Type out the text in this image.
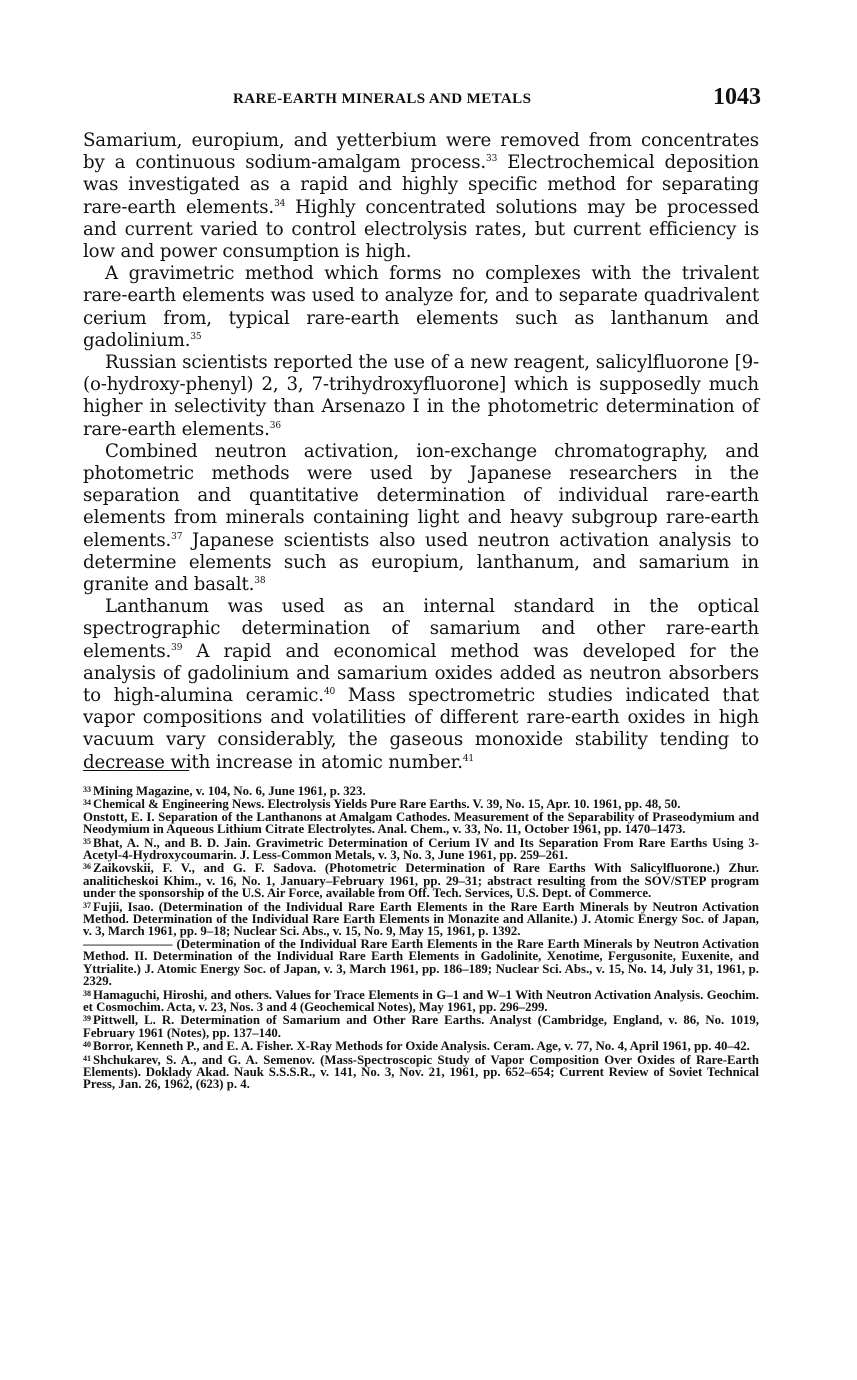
RARE-EARTH MINERALS AND METALS	1043

Samarium, europium, and yetterbium were removed from concentrates by a continuous sodium-amalgam process.$^{33}$ Electrochemical deposition was investigated as a rapid and highly specific method for separating rare-earth elements.$^{34}$ Highly concentrated solutions may be processed and current varied to control electrolysis rates, but current efficiency is low and power consumption is high.

A gravimetric method which forms no complexes with the trivalent rare-earth elements was used to analyze for, and to separate quadrivalent cerium from, typical rare-earth elements such as lanthanum and gadolinium.$^{35}$

Russian scientists reported the use of a new reagent, salicylfluorone [9-(o-hydroxy-phenyl) 2, 3, 7-trihydroxyfluorone] which is supposedly much higher in selectivity than Arsenazo I in the photometric determination of rare-earth elements.$^{36}$

Combined neutron activation, ion-exchange chromatography, and photometric methods were used by Japanese researchers in the separation and quantitative determination of individual rare-earth elements from minerals containing light and heavy subgroup rare-earth elements.$^{37}$ Japanese scientists also used neutron activation analysis to determine elements such as europium, lanthanum, and samarium in granite and basalt.$^{38}$

Lanthanum was used as an internal standard in the optical spectrographic determination of samarium and other rare-earth elements.$^{39}$ A rapid and economical method was developed for the analysis of gadolinium and samarium oxides added as neutron absorbers to high-alumina ceramic.$^{40}$ Mass spectrometric studies indicated that vapor compositions and volatilities of different rare-earth oxides in high vacuum vary considerably, the gaseous monoxide stability tending to decrease with increase in atomic number.$^{41}$

$^{33}$ Mining Magazine, v. 104, No. 6, June 1961, p. 323.

$^{34}$ Chemical & Engineering News. Electrolysis Yields Pure Rare Earths. V. 39, No. 15, Apr. 10. 1961, pp. 48, 50.

Onstott, E. I. Separation of the Lanthanons at Amalgam Cathodes. Measurement of the Separability of Praseodymium and Neodymium in Aqueous Lithium Citrate Electrolytes. Anal. Chem., v. 33, No. 11, October 1961, pp. 1470–1473.

$^{35}$ Bhat, A. N., and B. D. Jain. Gravimetric Determination of Cerium IV and Its Separation From Rare Earths Using 3-Acetyl-4-Hydroxycoumarin. J. Less-Common Metals, v. 3, No. 3, June 1961, pp. 259–261.

$^{36}$ Zaikovskii, F. V., and G. F. Sadova. (Photometric Determination of Rare Earths With Salicylfluorone.) Zhur. analiticheskoi Khim., v. 16, No. 1, January–February 1961, pp. 29–31; abstract resulting from the SOV/STEP program under the sponsorship of the U.S. Air Force, available from Off. Tech. Services, U.S. Dept. of Commerce.

$^{37}$ Fujii, Isao. (Determination of the Individual Rare Earth Elements in the Rare Earth Minerals by Neutron Activation Method. Determination of the Individual Rare Earth Elements in Monazite and Allanite.) J. Atomic Energy Soc. of Japan, v. 3, March 1961, pp. 9–18; Nuclear Sci. Abs., v. 15, No. 9, May 15, 1961, p. 1392.

——————— (Determination of the Individual Rare Earth Elements in the Rare Earth Minerals by Neutron Activation Method. II. Determination of the Individual Rare Earth Elements in Gadolinite, Xenotime, Fergusonite, Euxenite, and Yttrialite.) J. Atomic Energy Soc. of Japan, v. 3, March 1961, pp. 186–189; Nuclear Sci. Abs., v. 15, No. 14, July 31, 1961, p. 2329.

$^{38}$ Hamaguchi, Hiroshi, and others. Values for Trace Elements in G–1 and W–1 With Neutron Activation Analysis. Geochim. et Cosmochim. Acta, v. 23, Nos. 3 and 4 (Geochemical Notes), May 1961, pp. 296–299.

$^{39}$ Pittwell, L. R. Determination of Samarium and Other Rare Earths. Analyst (Cambridge, England, v. 86, No. 1019, February 1961 (Notes), pp. 137–140.

$^{40}$ Borror, Kenneth P., and E. A. Fisher. X-Ray Methods for Oxide Analysis. Ceram. Age, v. 77, No. 4, April 1961, pp. 40–42.

$^{41}$ Shchukarev, S. A., and G. A. Semenov. (Mass-Spectroscopic Study of Vapor Composition Over Oxides of Rare-Earth Elements). Doklady Akad. Nauk S.S.S.R., v. 141, No. 3, Nov. 21, 1961, pp. 652–654; Current Review of Soviet Technical Press, Jan. 26, 1962, (623) p. 4.
